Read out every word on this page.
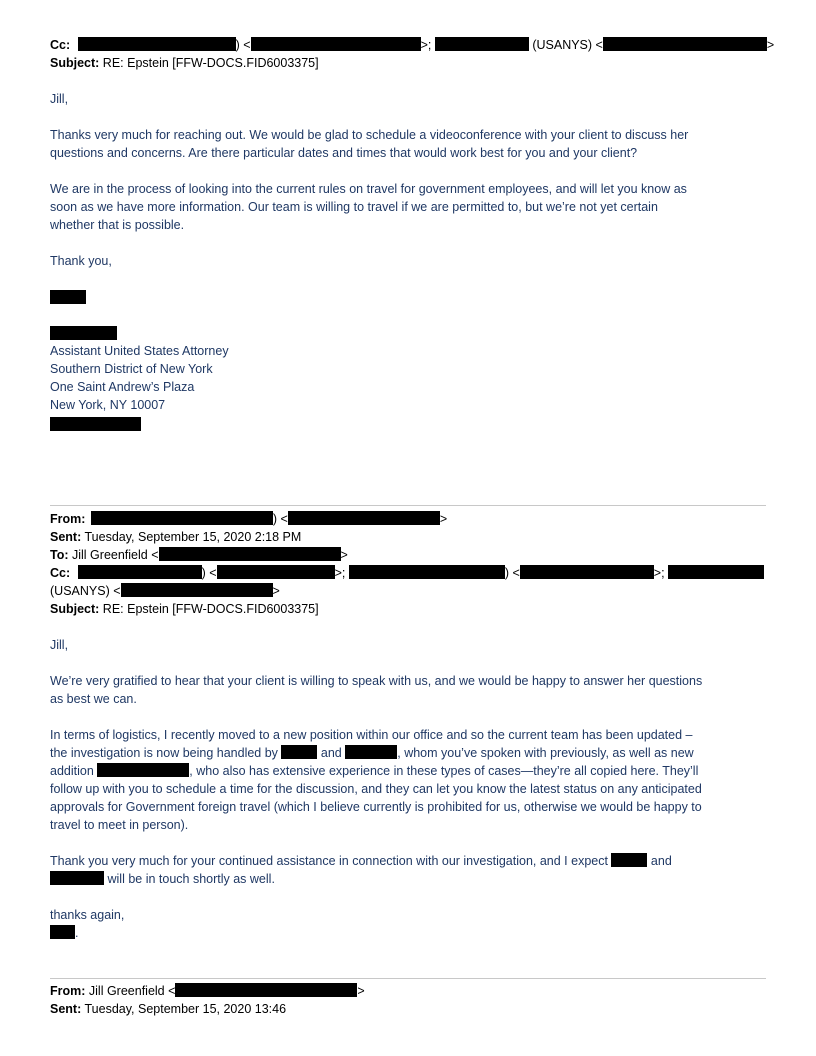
Cc:	) <	>;	(USANYS) <	>
Subject: RE: Epstein [FFW-DOCS.FID6003375]
Jill,
Thanks very much for reaching out. We would be glad to schedule a videoconference with your client to discuss her
questions and concerns. Are there particular dates and times that would work best for you and your client?
We are in the process of looking into the current rules on travel for government employees, and will let you know as
soon as we have more information. Our team is willing to travel if we are permitted to, but we’re not yet certain
whether that is possible.
Thank you,
Assistant United States Attorney
Southern District of New York
One Saint Andrew’s Plaza
New York, NY 10007
From:	) <	>
Sent: Tuesday, September 15, 2020 2:18 PM
To: Jill Greenfield <	>
Cc:	) <	>;	) <	>;
(USANYS) <	>
Subject: RE: Epstein [FFW-DOCS.FID6003375]
Jill,
We’re very gratified to hear that your client is willing to speak with us, and we would be happy to answer her questions
as best we can.
In terms of logistics, I recently moved to a new position within our office and so the current team has been updated –
the investigation is now being handled by	and	, whom you’ve spoken with previously, as well as new
addition	, who also has extensive experience in these types of cases—they’re all copied here. They’ll
follow up with you to schedule a time for the discussion, and they can let you know the latest status on any anticipated
approvals for Government foreign travel (which I believe currently is prohibited for us, otherwise we would be happy to
travel to meet in person).
Thank you very much for your continued assistance in connection with our investigation, and I expect	and
will be in touch shortly as well.
thanks again,
.
From: Jill Greenfield <	>
Sent: Tuesday, September 15, 2020 13:46
